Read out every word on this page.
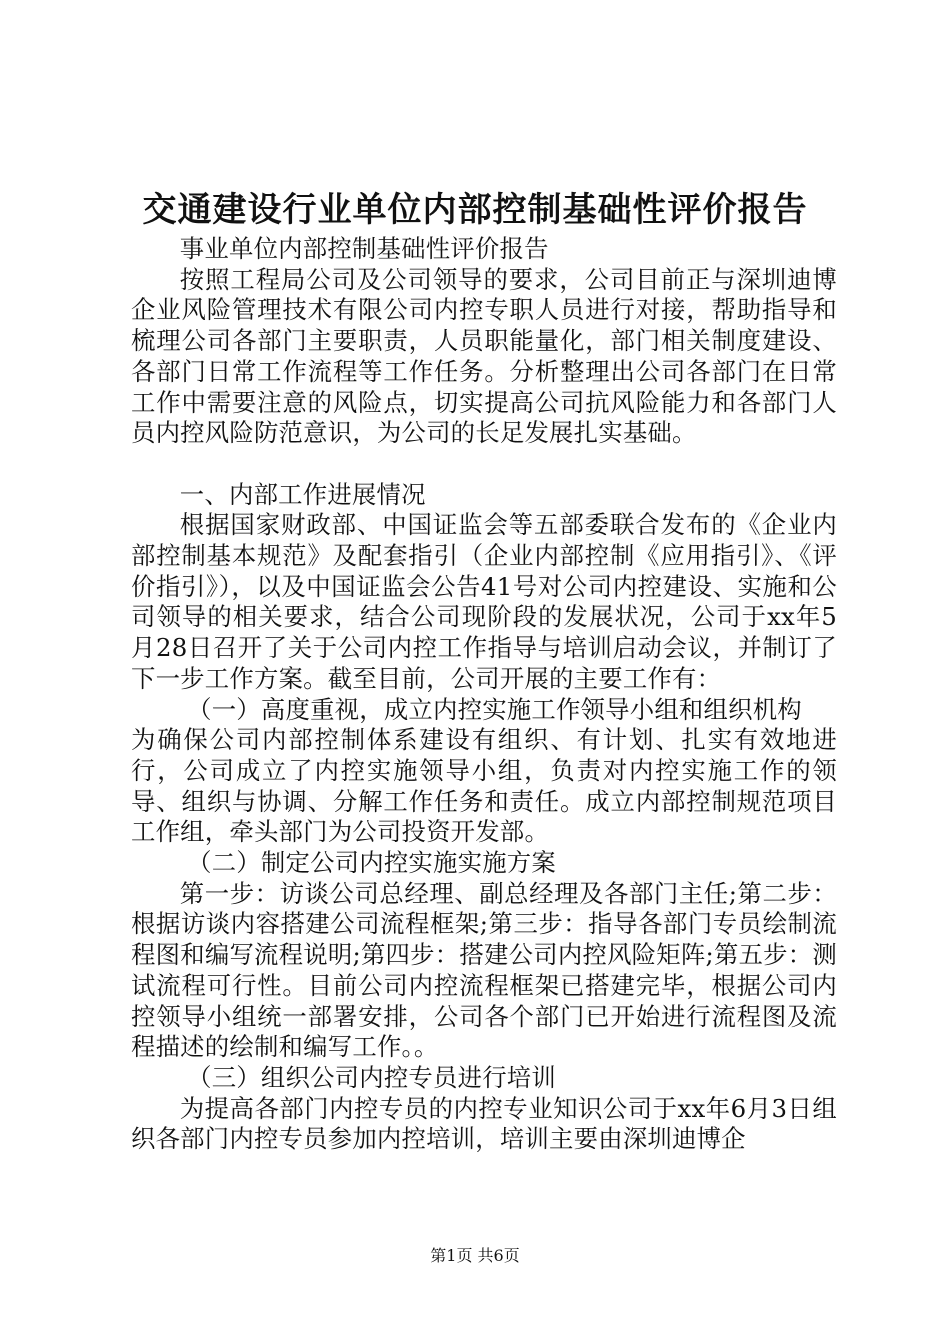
交通建设行业单位内部控制基础性评价报告

事业单位内部控制基础性评价报告

按照工程局公司及公司领导的要求，公司目前正与深圳迪博企业风险管理技术有限公司内控专职人员进行对接，帮助指导和梳理公司各部门主要职责，人员职能量化，部门相关制度建设、各部门日常工作流程等工作任务。分析整理出公司各部门在日常工作中需要注意的风险点，切实提高公司抗风险能力和各部门人员内控风险防范意识，为公司的长足发展扎实基础。

一、内部工作进展情况

根据国家财政部、中国证监会等五部委联合发布的《企业内部控制基本规范》及配套指引（企业内部控制《应用指引》、《评价指引》），以及中国证监会公告41号对公司内控建设、实施和公司领导的相关要求，结合公司现阶段的发展状况，公司于xx年5月28日召开了关于公司内控工作指导与培训启动会议，并制订了下一步工作方案。截至目前，公司开展的主要工作有：

（一）高度重视，成立内控实施工作领导小组和组织机构

为确保公司内部控制体系建设有组织、有计划、扎实有效地进行，公司成立了内控实施领导小组，负责对内控实施工作的领导、组织与协调、分解工作任务和责任。成立内部控制规范项目工作组，牵头部门为公司投资开发部。

（二）制定公司内控实施实施方案

第一步：访谈公司总经理、副总经理及各部门主任;第二步：根据访谈内容搭建公司流程框架;第三步：指导各部门专员绘制流程图和编写流程说明;第四步：搭建公司内控风险矩阵;第五步：测试流程可行性。目前公司内控流程框架已搭建完毕，根据公司内控领导小组统一部署安排，公司各个部门已开始进行流程图及流程描述的绘制和编写工作。。

（三）组织公司内控专员进行培训

为提高各部门内控专员的内控专业知识公司于xx年6月3日组织各部门内控专员参加内控培训，培训主要由深圳迪博企

第1页 共6页
